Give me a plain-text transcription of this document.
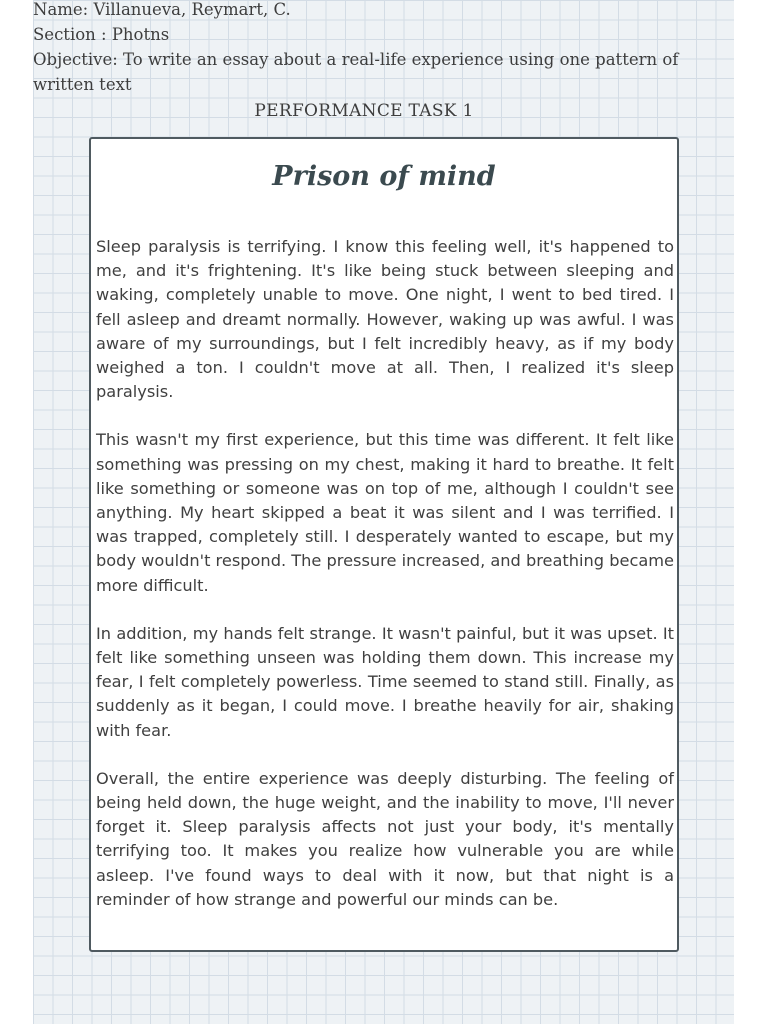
Name: Villanueva, Reymart, C.
Section : Photns
Objective: To write an essay about a real-life experience using one pattern of
written text
PERFORMANCE TASK 1
Prison of mind

Sleep paralysis is terrifying. I know this feeling well, it's happened to me, and it's frightening. It's like being stuck between sleeping and waking, completely unable to move. One night, I went to bed tired. I fell asleep and dreamt normally. However, waking up was awful. I was aware of my surroundings, but I felt incredibly heavy, as if my body weighed a ton. I couldn't move at all. Then, I realized it's sleep paralysis.

This wasn't my first experience, but this time was different. It felt like something was pressing on my chest, making it hard to breathe. It felt like something or someone was on top of me, although I couldn't see anything. My heart skipped a beat it was silent and I was terrified. I was trapped, completely still. I desperately wanted to escape, but my body wouldn't respond. The pressure increased, and breathing became more difficult.

In addition, my hands felt strange. It wasn't painful, but it was upset. It felt like something unseen was holding them down. This increase my fear, I felt completely powerless. Time seemed to stand still. Finally, as suddenly as it began, I could move. I breathe heavily for air, shaking with fear.

Overall, the entire experience was deeply disturbing. The feeling of being held down, the huge weight, and the inability to move, I'll never forget it. Sleep paralysis affects not just your body, it's mentally terrifying too. It makes you realize how vulnerable you are while asleep. I've found ways to deal with it now, but that night is a reminder of how strange and powerful our minds can be.
